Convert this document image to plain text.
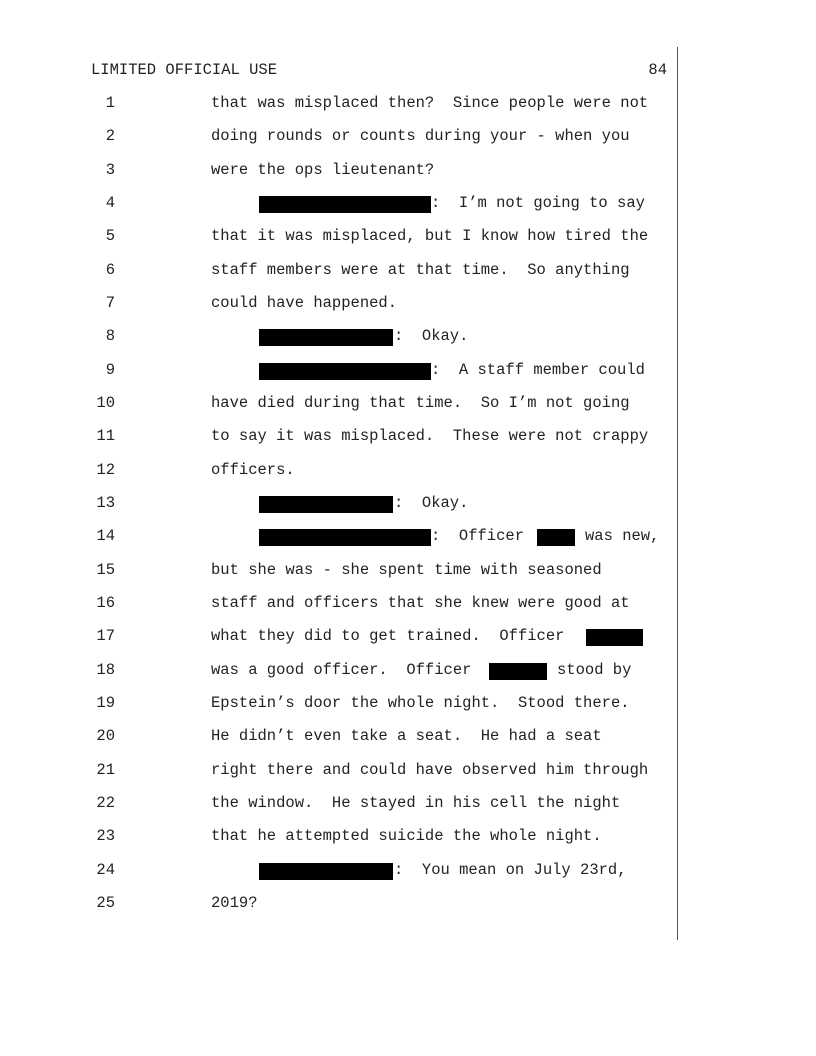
LIMITED OFFICIAL USE	84
1	that was misplaced then?  Since people were not
2	doing rounds or counts during your - when you
3	were the ops lieutenant?
4	:  I’m not going to say
5	that it was misplaced, but I know how tired the
6	staff members were at that time.  So anything
7	could have happened.
8	:  Okay.
9	:  A staff member could
10	have died during that time.  So I’m not going
11	to say it was misplaced.  These were not crappy
12	officers.
13	:  Okay.
14	:  Officer	was new,
15	but she was - she spent time with seasoned
16	staff and officers that she knew were good at
17	what they did to get trained.  Officer
18	was a good officer.  Officer	stood by
19	Epstein’s door the whole night.  Stood there.
20	He didn’t even take a seat.  He had a seat
21	right there and could have observed him through
22	the window.  He stayed in his cell the night
23	that he attempted suicide the whole night.
24	:  You mean on July 23rd,
25	2019?
